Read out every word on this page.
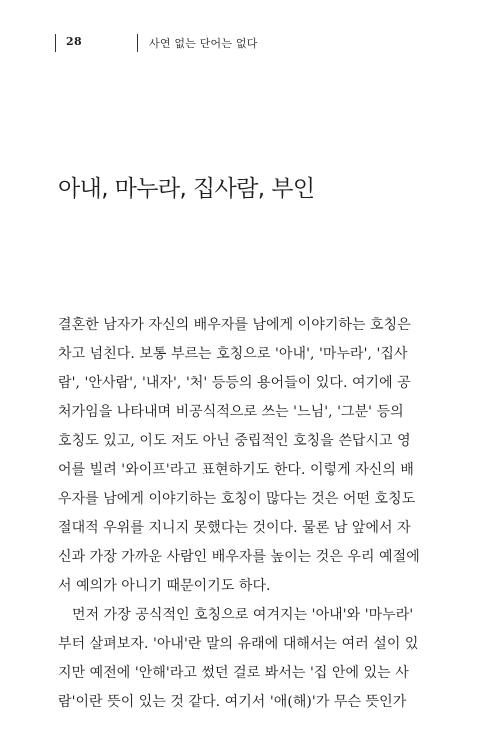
28	사연 없는 단어는 없다
아내, 마누라, 집사람, 부인
결혼한 남자가 자신의 배우자를 남에게 이야기하는 호칭은
차고 넘친다. 보통 부르는 호칭으로 '아내', '마누라', '집사
람', '안사람', '내자', '처' 등등의 용어들이 있다. 여기에 공
처가임을 나타내며 비공식적으로 쓰는 '느님', '그분' 등의
호칭도 있고, 이도 저도 아닌 중립적인 호칭을 쓴답시고 영
어를 빌려 '와이프'라고 표현하기도 한다. 이렇게 자신의 배
우자를 남에게 이야기하는 호칭이 많다는 것은 어떤 호칭도
절대적 우위를 지니지 못했다는 것이다. 물론 남 앞에서 자
신과 가장 가까운 사람인 배우자를 높이는 것은 우리 예절에
서 예의가 아니기 때문이기도 하다.
먼저 가장 공식적인 호칭으로 여겨지는 '아내'와 '마누라'
부터 살펴보자. '아내'란 말의 유래에 대해서는 여러 설이 있
지만 예전에 '안해'라고 썼던 걸로 봐서는 '집 안에 있는 사
람'이란 뜻이 있는 것 같다. 여기서 '애(해)'가 무슨 뜻인가
